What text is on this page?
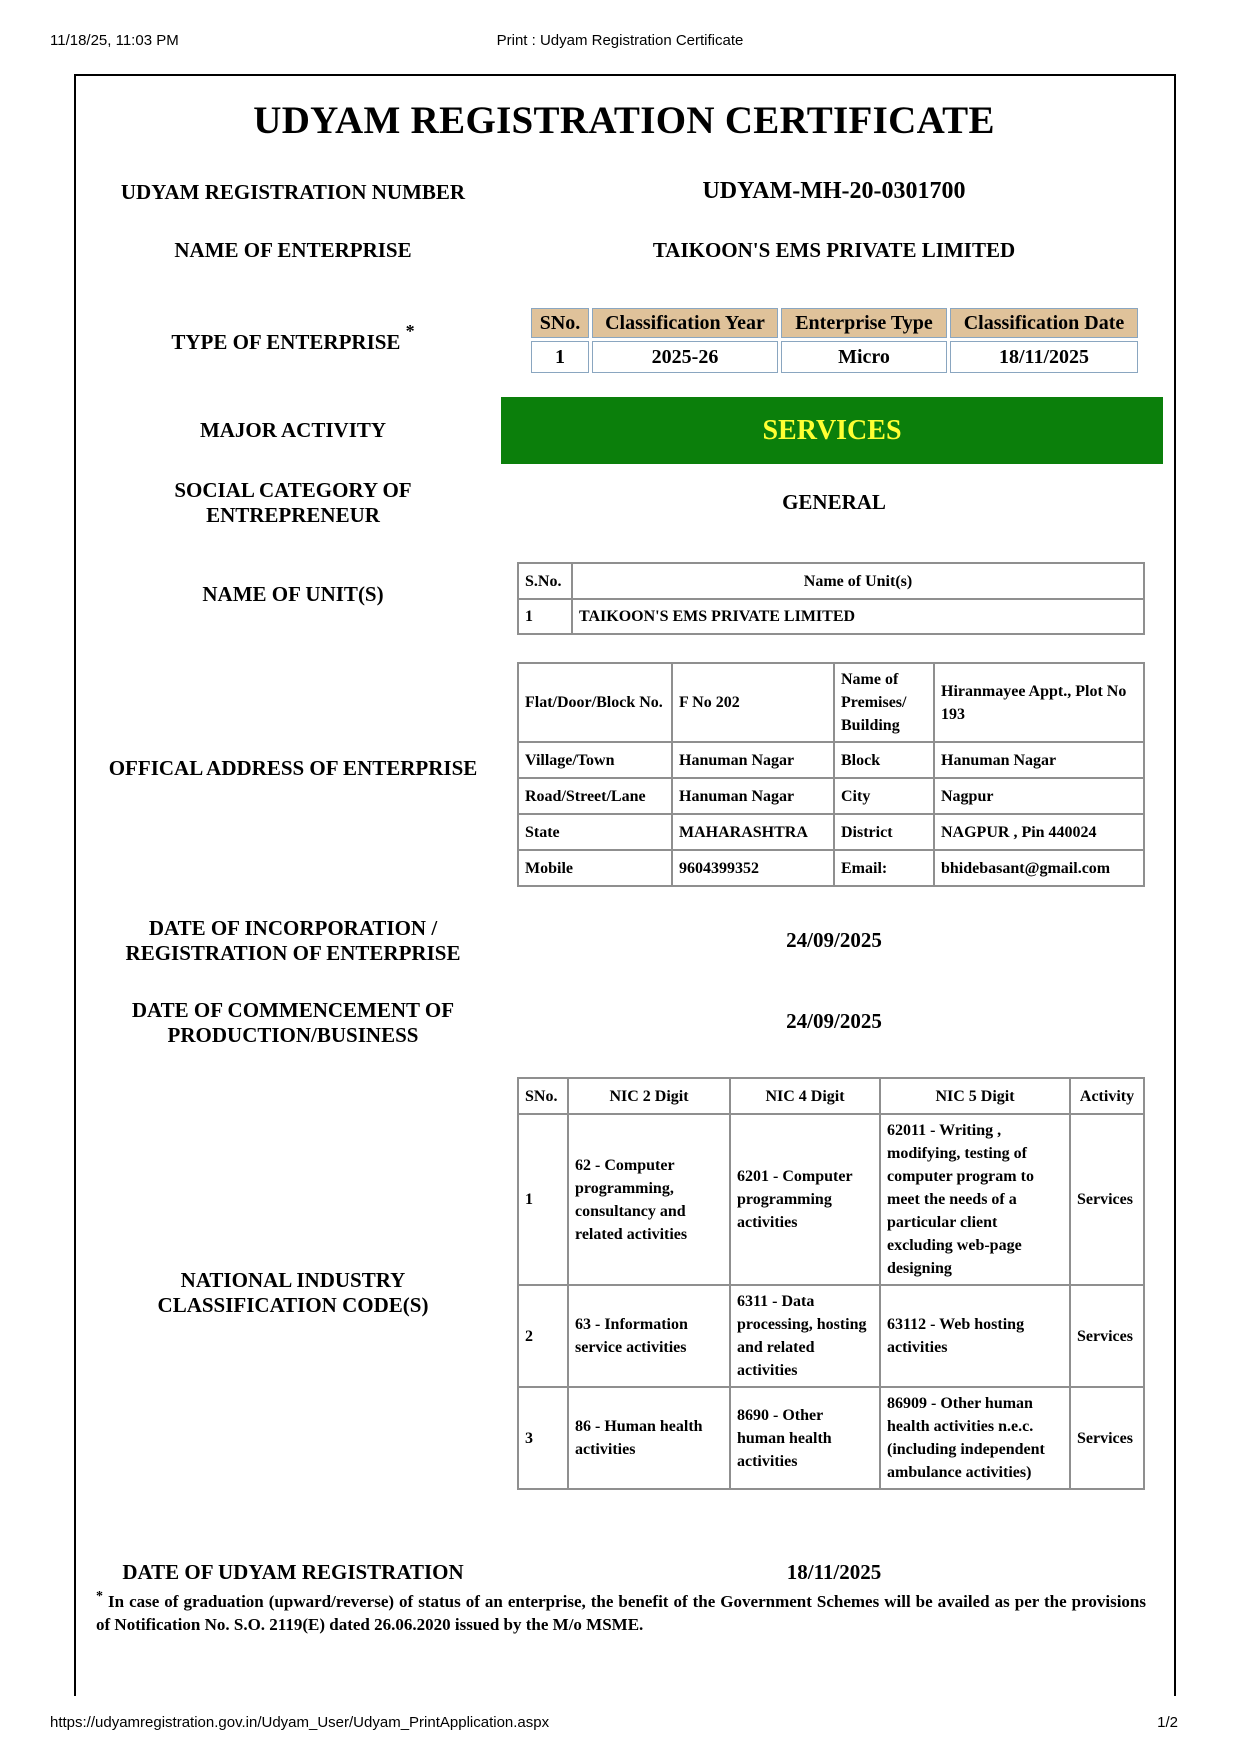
11/18/25, 11:03 PM	Print : Udyam Registration Certificate
UDYAM REGISTRATION CERTIFICATE
UDYAM REGISTRATION NUMBER	UDYAM-MH-20-0301700
NAME OF ENTERPRISE	TAIKOON'S EMS PRIVATE LIMITED
TYPE OF ENTERPRISE *	SNo.	Classification Year	Enterprise Type	Classification Date
1	2025-26	Micro	18/11/2025
MAJOR ACTIVITY	SERVICES
SOCIAL CATEGORY OF
ENTREPRENEUR
GENERAL
NAME OF UNIT(S)
S.No.	Name of Unit(s)
1	TAIKOON'S EMS PRIVATE LIMITED
OFFICAL ADDRESS OF ENTERPRISE
Flat/Door/Block No.	F No 202	Name of Premises/ Building	Hiranmayee Appt., Plot No 193
Village/Town	Hanuman Nagar	Block	Hanuman Nagar
Road/Street/Lane	Hanuman Nagar	City	Nagpur
State	MAHARASHTRA	District	NAGPUR , Pin 440024
Mobile	9604399352	Email:	bhidebasant@gmail.com
DATE OF INCORPORATION /
REGISTRATION OF ENTERPRISE
24/09/2025
DATE OF COMMENCEMENT OF
PRODUCTION/BUSINESS
24/09/2025
NATIONAL INDUSTRY
CLASSIFICATION CODE(S)
SNo.	NIC 2 Digit	NIC 4 Digit	NIC 5 Digit	Activity
1	62 - Computer programming, consultancy and related activities	6201 - Computer programming activities	62011 - Writing , modifying, testing of computer program to meet the needs of a particular client excluding web-page designing	Services
2	63 - Information service activities	6311 - Data processing, hosting and related activities	63112 - Web hosting activities	Services
3	86 - Human health activities	8690 - Other human health activities	86909 - Other human health activities n.e.c. (including independent ambulance activities)	Services
DATE OF UDYAM REGISTRATION	18/11/2025
* In case of graduation (upward/reverse) of status of an enterprise, the benefit of the Government Schemes will be availed as per the provisions of Notification No. S.O. 2119(E) dated 26.06.2020 issued by the M/o MSME.
https://udyamregistration.gov.in/Udyam_User/Udyam_PrintApplication.aspx	1/2
